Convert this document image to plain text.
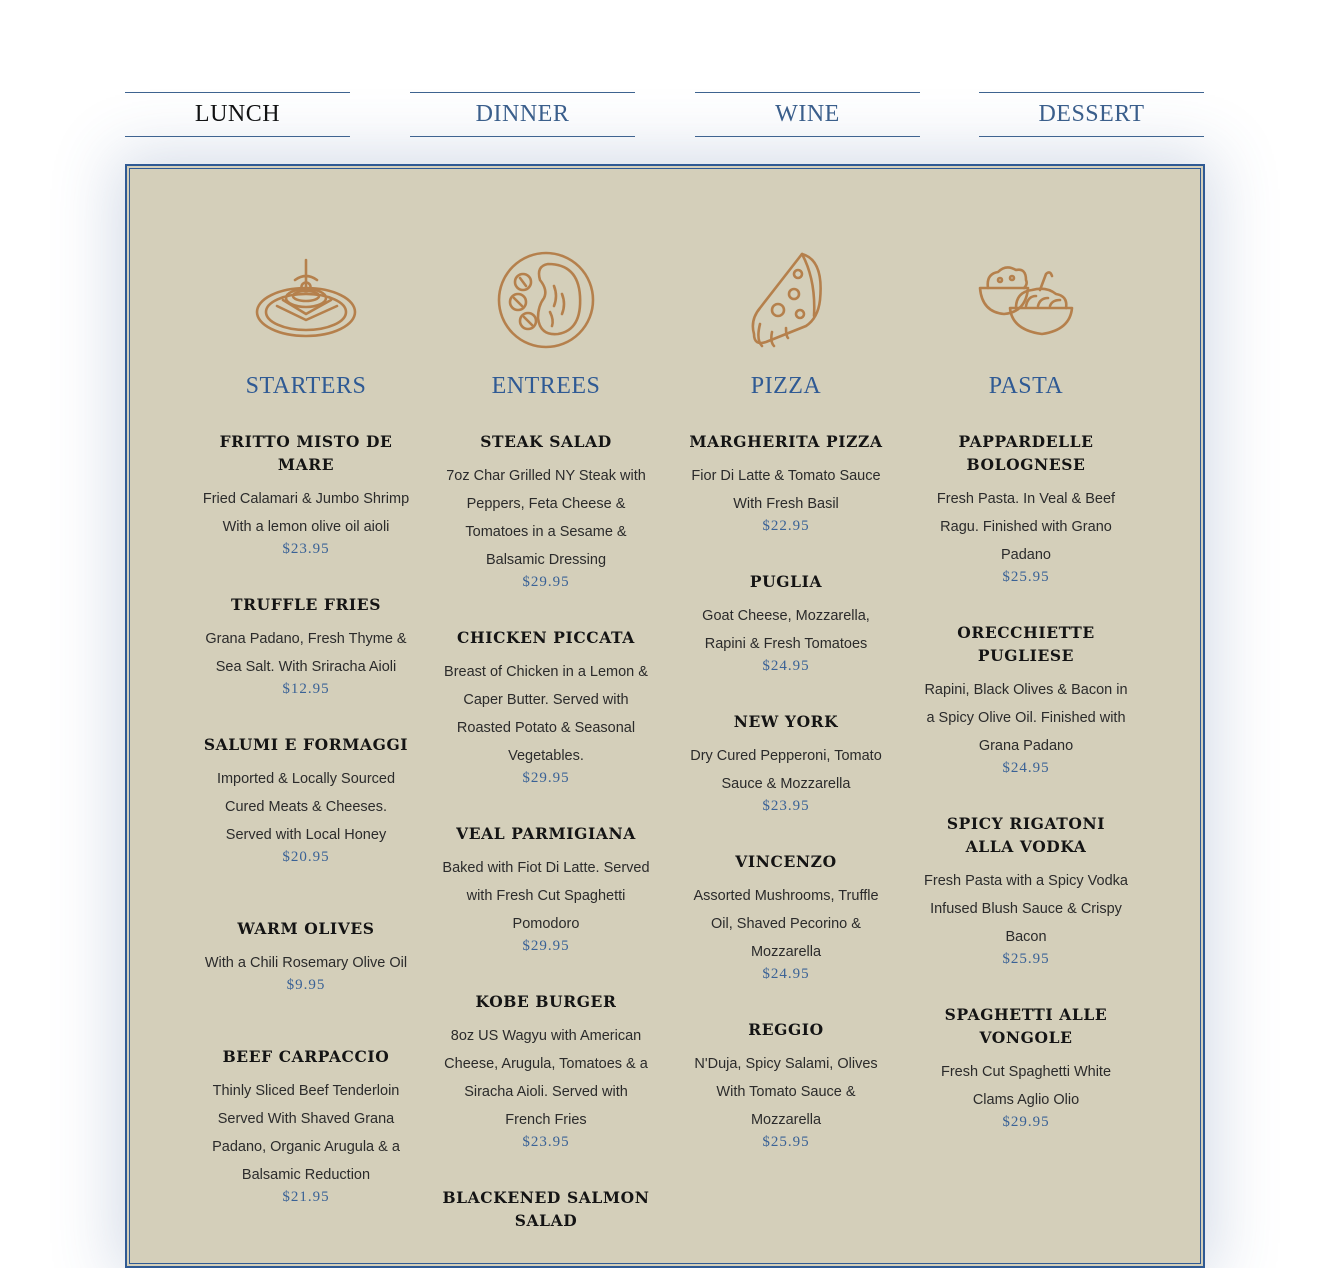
LUNCH	DINNER	WINE	DESSERT
STARTERS
FRITTO MISTO DE MARE
Fried Calamari & Jumbo Shrimp With a lemon olive oil aioli
$23.95
TRUFFLE FRIES
Grana Padano, Fresh Thyme & Sea Salt. With Sriracha Aioli
$12.95
SALUMI E FORMAGGI
Imported & Locally Sourced Cured Meats & Cheeses. Served with Local Honey
$20.95
WARM OLIVES
With a Chili Rosemary Olive Oil
$9.95
BEEF CARPACCIO
Thinly Sliced Beef Tenderloin Served With Shaved Grana Padano, Organic Arugula & a Balsamic Reduction
$21.95
ENTREES
STEAK SALAD
7oz Char Grilled NY Steak with Peppers, Feta Cheese & Tomatoes in a Sesame & Balsamic Dressing
$29.95
CHICKEN PICCATA
Breast of Chicken in a Lemon & Caper Butter. Served with Roasted Potato & Seasonal Vegetables.
$29.95
VEAL PARMIGIANA
Baked with Fiot Di Latte. Served with Fresh Cut Spaghetti Pomodoro
$29.95
KOBE BURGER
8oz US Wagyu with American Cheese, Arugula, Tomatoes & a Siracha Aioli. Served with French Fries
$23.95
BLACKENED SALMON SALAD
PIZZA
MARGHERITA PIZZA
Fior Di Latte & Tomato Sauce With Fresh Basil
$22.95
PUGLIA
Goat Cheese, Mozzarella, Rapini & Fresh Tomatoes
$24.95
NEW YORK
Dry Cured Pepperoni, Tomato Sauce & Mozzarella
$23.95
VINCENZO
Assorted Mushrooms, Truffle Oil, Shaved Pecorino & Mozzarella
$24.95
REGGIO
N'Duja, Spicy Salami, Olives With Tomato Sauce & Mozzarella
$25.95
PASTA
PAPPARDELLE BOLOGNESE
Fresh Pasta. In Veal & Beef Ragu. Finished with Grano Padano
$25.95
ORECCHIETTE PUGLIESE
Rapini, Black Olives & Bacon in a Spicy Olive Oil. Finished with Grana Padano
$24.95
SPICY RIGATONI ALLA VODKA
Fresh Pasta with a Spicy Vodka Infused Blush Sauce & Crispy Bacon
$25.95
SPAGHETTI ALLE VONGOLE
Fresh Cut Spaghetti White Clams Aglio Olio
$29.95
